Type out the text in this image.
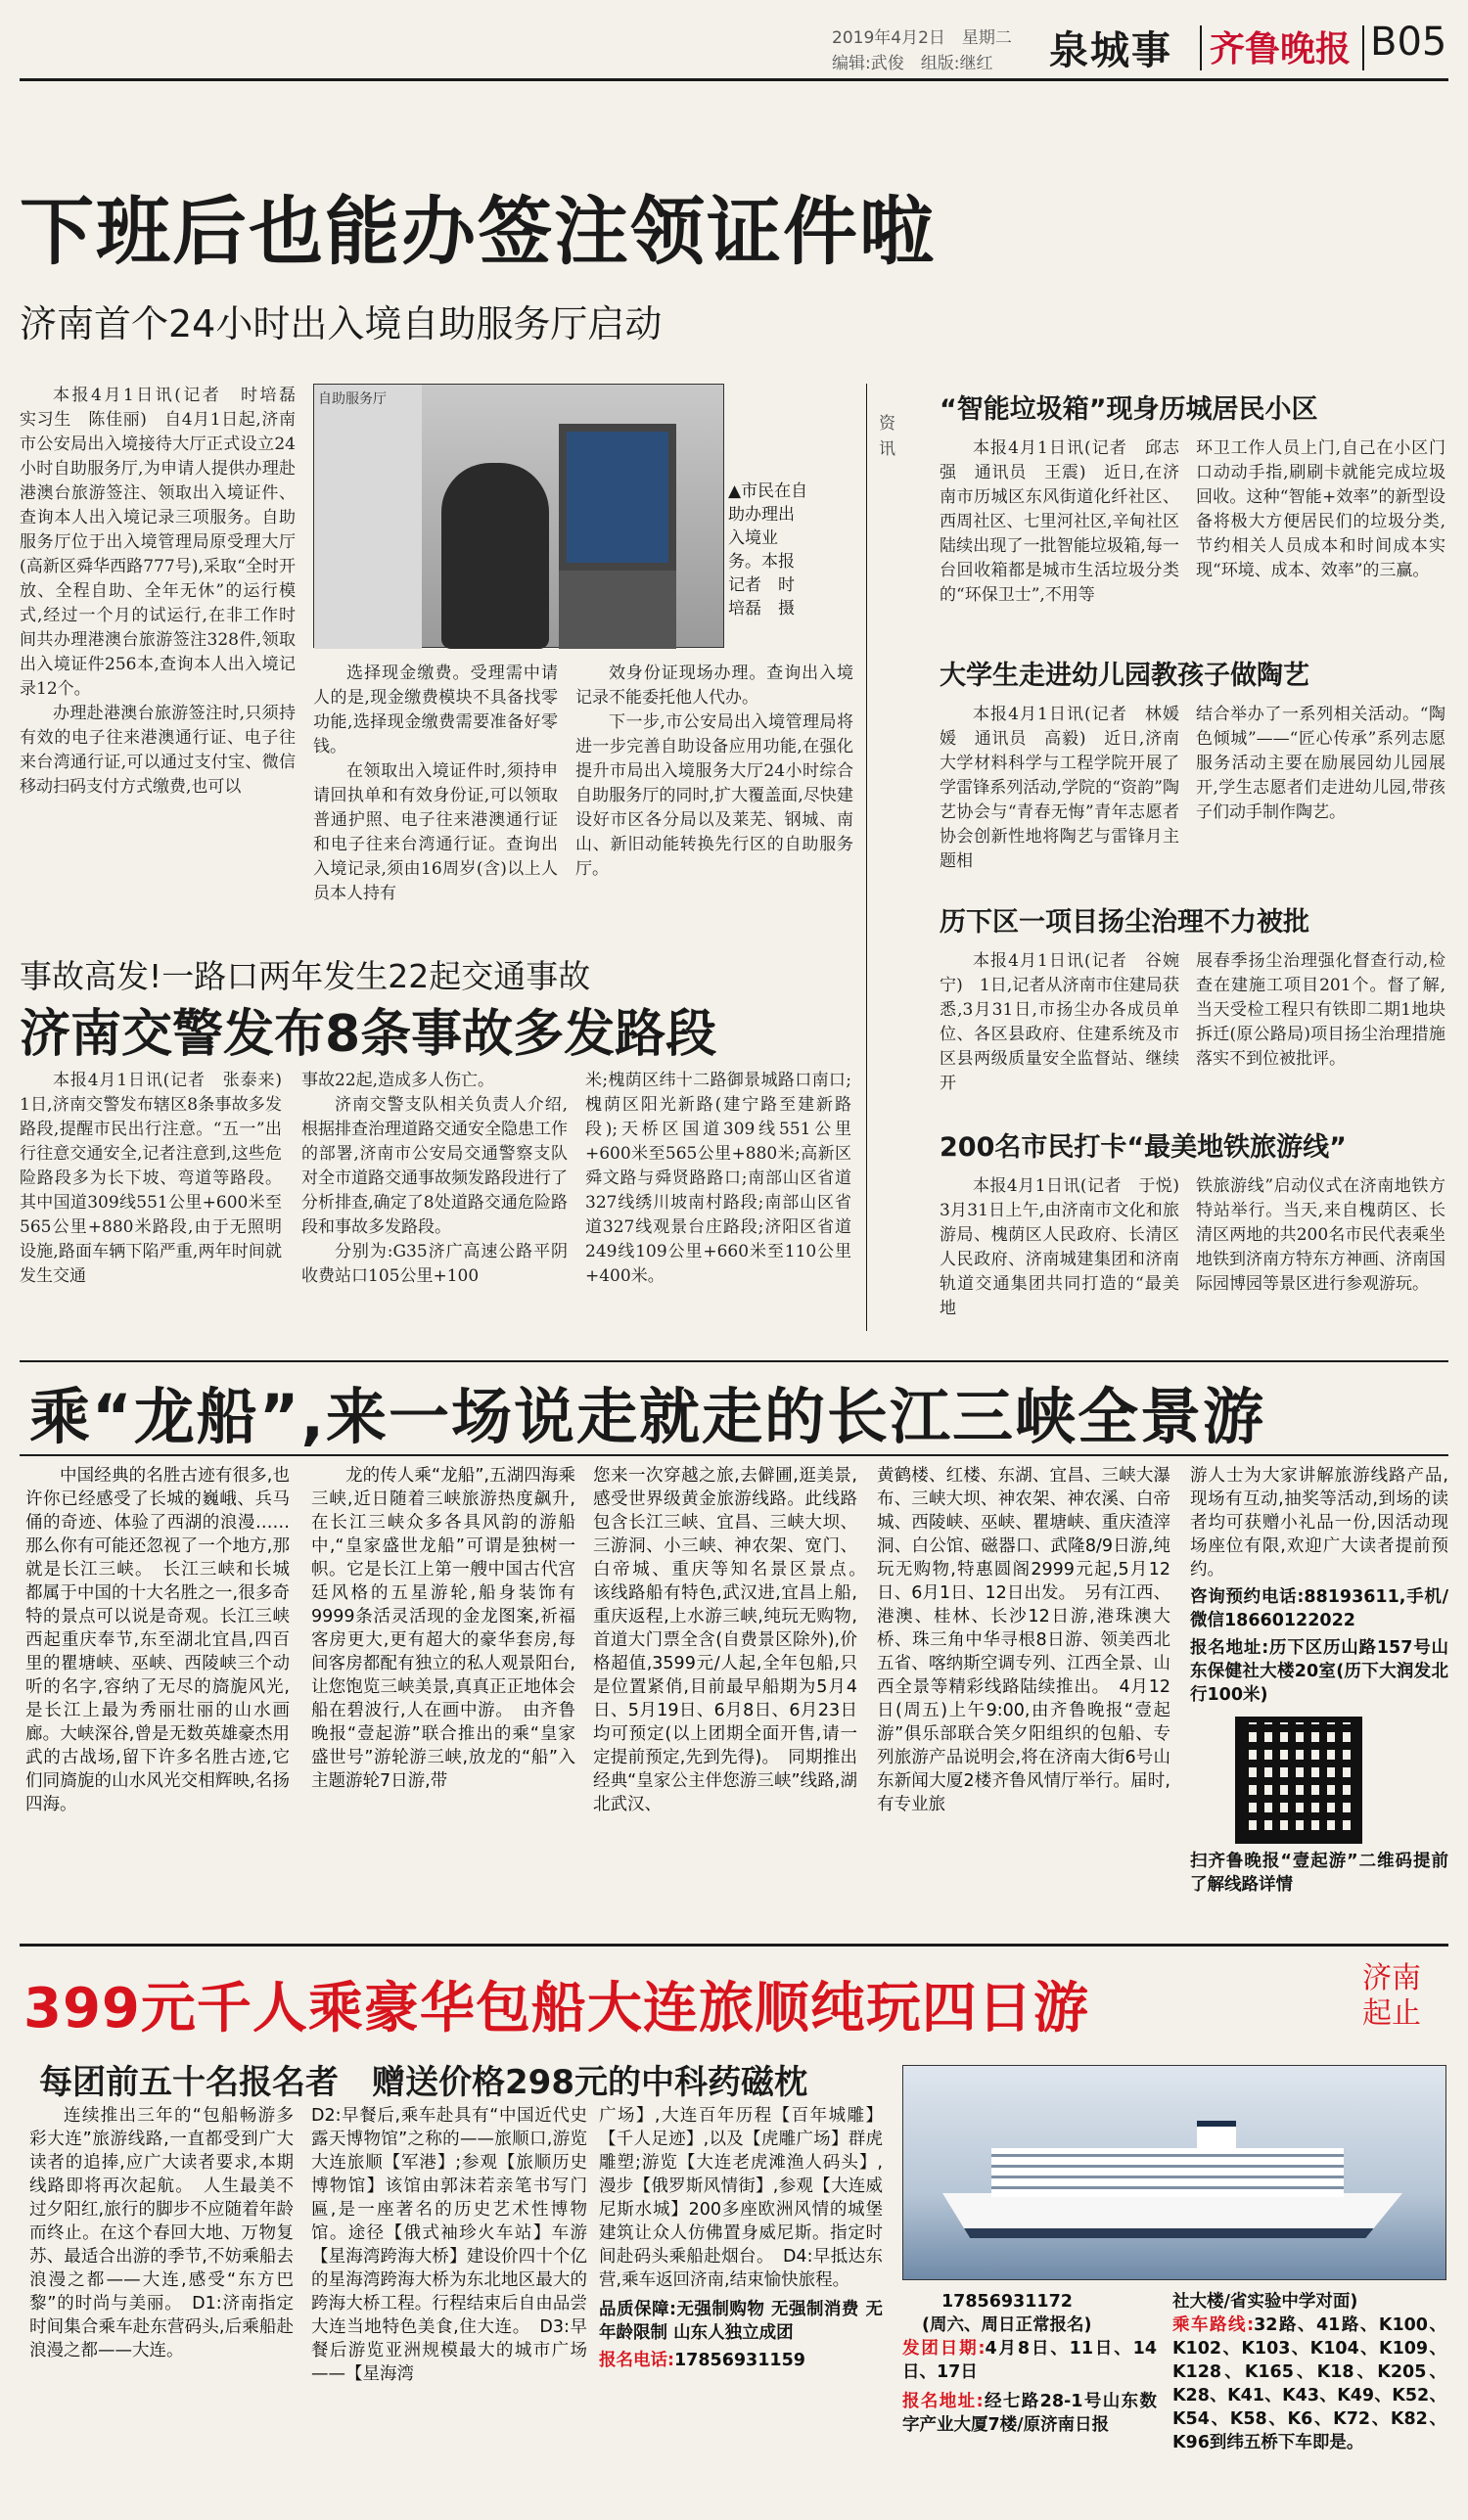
2019年4月2日　星期二
编辑:武俊　组版:继红 泉城事 齐鲁晚报 B05
下班后也能办签注领证件啦
济南首个24小时出入境自助服务厅启动

本报4月1日讯(记者　时培磊　实习生　陈佳丽)　自4月1日起,济南市公安局出入境接待大厅正式设立24小时自助服务厅,为申请人提供办理赴港澳台旅游签注、领取出入境证件、查询本人出入境记录三项服务。自助服务厅位于出入境管理局原受理大厅(高新区舜华西路777号),采取“全时开放、全程自助、全年无休”的运行模式,经过一个月的试运行,在非工作时间共办理港澳台旅游签注328件,领取出入境证件256本,查询本人出入境记录12个。

办理赴港澳台旅游签注时,只须持有效的电子往来港澳通行证、电子往来台湾通行证,可以通过支付宝、微信移动扫码支付方式缴费,也可以

自助服务厅
▲市民在自助办理出入境业务。本报记者　时培磊　摄

选择现金缴费。受理需中请人的是,现金缴费模块不具备找零功能,选择现金缴费需要准备好零钱。

在领取出入境证件时,须持申请回执单和有效身份证,可以领取普通护照、电子往来港澳通行证和电子往来台湾通行证。查询出入境记录,须由16周岁(含)以上人员本人持有

效身份证现场办理。查询出入境记录不能委托他人代办。

下一步,市公安局出入境管理局将进一步完善自助设备应用功能,在强化提升市局出入境服务大厅24小时综合自助服务厅的同时,扩大覆盖面,尽快建设好市区各分局以及莱芜、钢城、南山、新旧动能转换先行区的自助服务厅。

资讯
“智能垃圾箱”现身历城居民小区
本报4月1日讯(记者　邱志强　通讯员　王震)　近日,在济南市历城区东风街道化纤社区、西周社区、七里河社区,辛甸社区陆续出现了一批智能垃圾箱,每一台回收箱都是城市生活垃圾分类的“环保卫士”,不用等
环卫工作人员上门,自己在小区门口动动手指,刷刷卡就能完成垃圾回收。这种“智能+效率”的新型设备将极大方便居民们的垃圾分类,节约相关人员成本和时间成本实现“环境、成本、效率”的三赢。
大学生走进幼儿园教孩子做陶艺
本报4月1日讯(记者　林媛媛　通讯员　高毅)　近日,济南大学材料科学与工程学院开展了学雷锋系列活动,学院的“资韵”陶艺协会与“青春无悔”青年志愿者协会创新性地将陶艺与雷锋月主题相
结合举办了一系列相关活动。“陶色倾城”——“匠心传承”系列志愿服务活动主要在励展园幼儿园展开,学生志愿者们走进幼儿园,带孩子们动手制作陶艺。
历下区一项目扬尘治理不力被批
本报4月1日讯(记者　谷婉宁)　1日,记者从济南市住建局获悉,3月31日,市扬尘办各成员单位、各区县政府、住建系统及市区县两级质量安全监督站、继续开
展春季扬尘治理强化督查行动,检查在建施工项目201个。督了解,当天受检工程只有铁即二期1地块拆迁(原公路局)项目扬尘治理措施落实不到位被批评。
200名市民打卡“最美地铁旅游线”
本报4月1日讯(记者　于悦)　3月31日上午,由济南市文化和旅游局、槐荫区人民政府、长清区人民政府、济南城建集团和济南轨道交通集团共同打造的“最美地
铁旅游线”启动仪式在济南地铁方特站举行。当天,来自槐荫区、长清区两地的共200名市民代表乘坐地铁到济南方特东方神画、济南国际园博园等景区进行参观游玩。
事故高发!一路口两年发生22起交通事故
济南交警发布8条事故多发路段
本报4月1日讯(记者　张泰来)　1日,济南交警发布辖区8条事故多发路段,提醒市民出行注意。“五一”出行往意交通安全,记者注意到,这些危险路段多为长下坡、弯道等路段。其中国道309线551公里+600米至565公里+880米路段,由于无照明设施,路面车辆下陷严重,两年时间就发生交通

事故22起,造成多人伤亡。

济南交警支队相关负责人介绍,根据排查治理道路交通安全隐患工作的部署,济南市公安局交通警察支队对全市道路交通事故频发路段进行了分析排查,确定了8处道路交通危险路段和事故多发路段。

分别为:G35济广高速公路平阴收费站口105公里+100

米;槐荫区纬十二路御景城路口南口;槐荫区阳光新路(建宁路至建新路段);天桥区国道309线551公里+600米至565公里+880米;高新区舜文路与舜贤路路口;南部山区省道327线绣川坡南村路段;南部山区省道327线观景台庄路段;济阳区省道249线109公里+660米至110公里+400米。
乘“龙船”,来一场说走就走的长江三峡全景游
中国经典的名胜古迹有很多,也许你已经感受了长城的巍峨、兵马俑的奇迹、体验了西湖的浪漫……那么你有可能还忽视了一个地方,那就是长江三峡。　长江三峡和长城都属于中国的十大名胜之一,很多奇特的景点可以说是奇观。长江三峡西起重庆奉节,东至湖北宜昌,四百里的瞿塘峡、巫峡、西陵峡三个动听的名字,容纳了无尽的旖旎风光,是长江上最为秀丽壮丽的山水画廊。大峡深谷,曾是无数英雄豪杰用武的古战场,留下许多名胜古迹,它们同旖旎的山水风光交相辉映,名扬四海。
龙的传人乘“龙船”,五湖四海乘三峡,近日随着三峡旅游热度飙升,在长江三峡众多各具风韵的游船中,“皇家盛世龙船”可谓是独树一帜。它是长江上第一艘中国古代宫廷风格的五星游轮,船身装饰有9999条活灵活现的金龙图案,祈福客房更大,更有超大的豪华套房,每间客房都配有独立的私人观景阳台,让您饱览三峡美景,真真正正地体会船在碧波行,人在画中游。　由齐鲁晚报“壹起游”联合推出的乘“皇家盛世号”游轮游三峡,放龙的“船”入主题游轮7日游,带
您来一次穿越之旅,去僻圃,逛美景,感受世界级黄金旅游线路。此线路包含长江三峡、宜昌、三峡大坝、三游洞、小三峡、神农架、宽门、白帝城、重庆等知名景区景点。　该线路船有特色,武汉进,宜昌上船,重庆返程,上水游三峡,纯玩无购物,首道大门票全含(自费景区除外),价格超值,3599元/人起,全年包船,只是位置紧俏,目前最早船期为5月4日、5月19日、6月8日、6月23日均可预定(以上团期全面开售,请一定提前预定,先到先得)。　同期推出经典“皇家公主伴您游三峡”线路,湖北武汉、
黄鹤楼、红楼、东湖、宜昌、三峡大瀑布、三峡大坝、神农架、神农溪、白帝城、西陵峡、巫峡、瞿塘峡、重庆渣滓洞、白公馆、磁器口、武隆8/9日游,纯玩无购物,特惠圆阁2999元起,5月12日、6月1日、12日出发。　另有江西、港澳、桂林、长沙12日游,港珠澳大桥、珠三角中华寻根8日游、领美西北五省、喀纳斯空调专列、江西全景、山西全景等精彩线路陆续推出。　4月12日(周五)上午9:00,由齐鲁晚报“壹起游”俱乐部联合笑夕阳组织的包船、专列旅游产品说明会,将在济南大街6号山东新闻大厦2楼齐鲁风情厅举行。届时,有专业旅
游人士为大家讲解旅游线路产品,现场有互动,抽奖等活动,到场的读者均可获赠小礼品一份,因活动现场座位有限,欢迎广大读者提前预约。
咨询预约电话:88193611,手机/微信18660122022
报名地址:历下区历山路157号山东保健社大楼20室(历下大润发北行100米)
扫齐鲁晚报“壹起游”二维码提前了解线路详情
399元千人乘豪华包船大连旅顺纯玩四日游	济南起止
每团前五十名报名者　赠送价格298元的中科药磁枕
连续推出三年的“包船畅游多彩大连”旅游线路,一直都受到广大读者的追捧,应广大读者要求,本期线路即将再次起航。　人生最美不过夕阳红,旅行的脚步不应随着年龄而终止。在这个春回大地、万物复苏、最适合出游的季节,不妨乘船去浪漫之都——大连,感受“东方巴黎”的时尚与美丽。　D1:济南指定时间集合乘车赴东营码头,后乘船赴浪漫之都——大连。
D2:早餐后,乘车赴具有“中国近代史露天博物馆”之称的——旅顺口,游览大连旅顺【军港】;参观【旅顺历史博物馆】该馆由郭沫若亲笔书写门匾,是一座著名的历史艺术性博物馆。途径【俄式袖珍火车站】车游【星海湾跨海大桥】建设价四十个亿的星海湾跨海大桥为东北地区最大的跨海大桥工程。行程结束后自由品尝大连当地特色美食,住大连。　D3:早餐后游览亚洲规模最大的城市广场——【星海湾
广场】,大连百年历程【百年城雕】【千人足迹】,以及【虎雕广场】群虎雕塑;游览【大连老虎滩渔人码头】,漫步【俄罗斯风情街】,参观【大连威尼斯水城】200多座欧洲风情的城堡建筑让众人仿佛置身威尼斯。指定时间赴码头乘船赴烟台。　D4:早抵达东营,乘车返回济南,结束愉快旅程。
品质保障:无强制购物 无强制消费 无年龄限制 山东人独立成团
报名电话:17856931159
17856931172
(周六、周日正常报名)
发团日期:4月8日、11日、14日、17日
报名地址:经七路28-1号山东数字产业大厦7楼/原济南日报
社大楼/省实验中学对面)
乘车路线:32路、41路、K100、K102、K103、K104、K109、K128、K165、K18、K205、K28、K41、K43、K49、K52、K54、K58、K6、K72、K82、K96到纬五桥下车即是。
